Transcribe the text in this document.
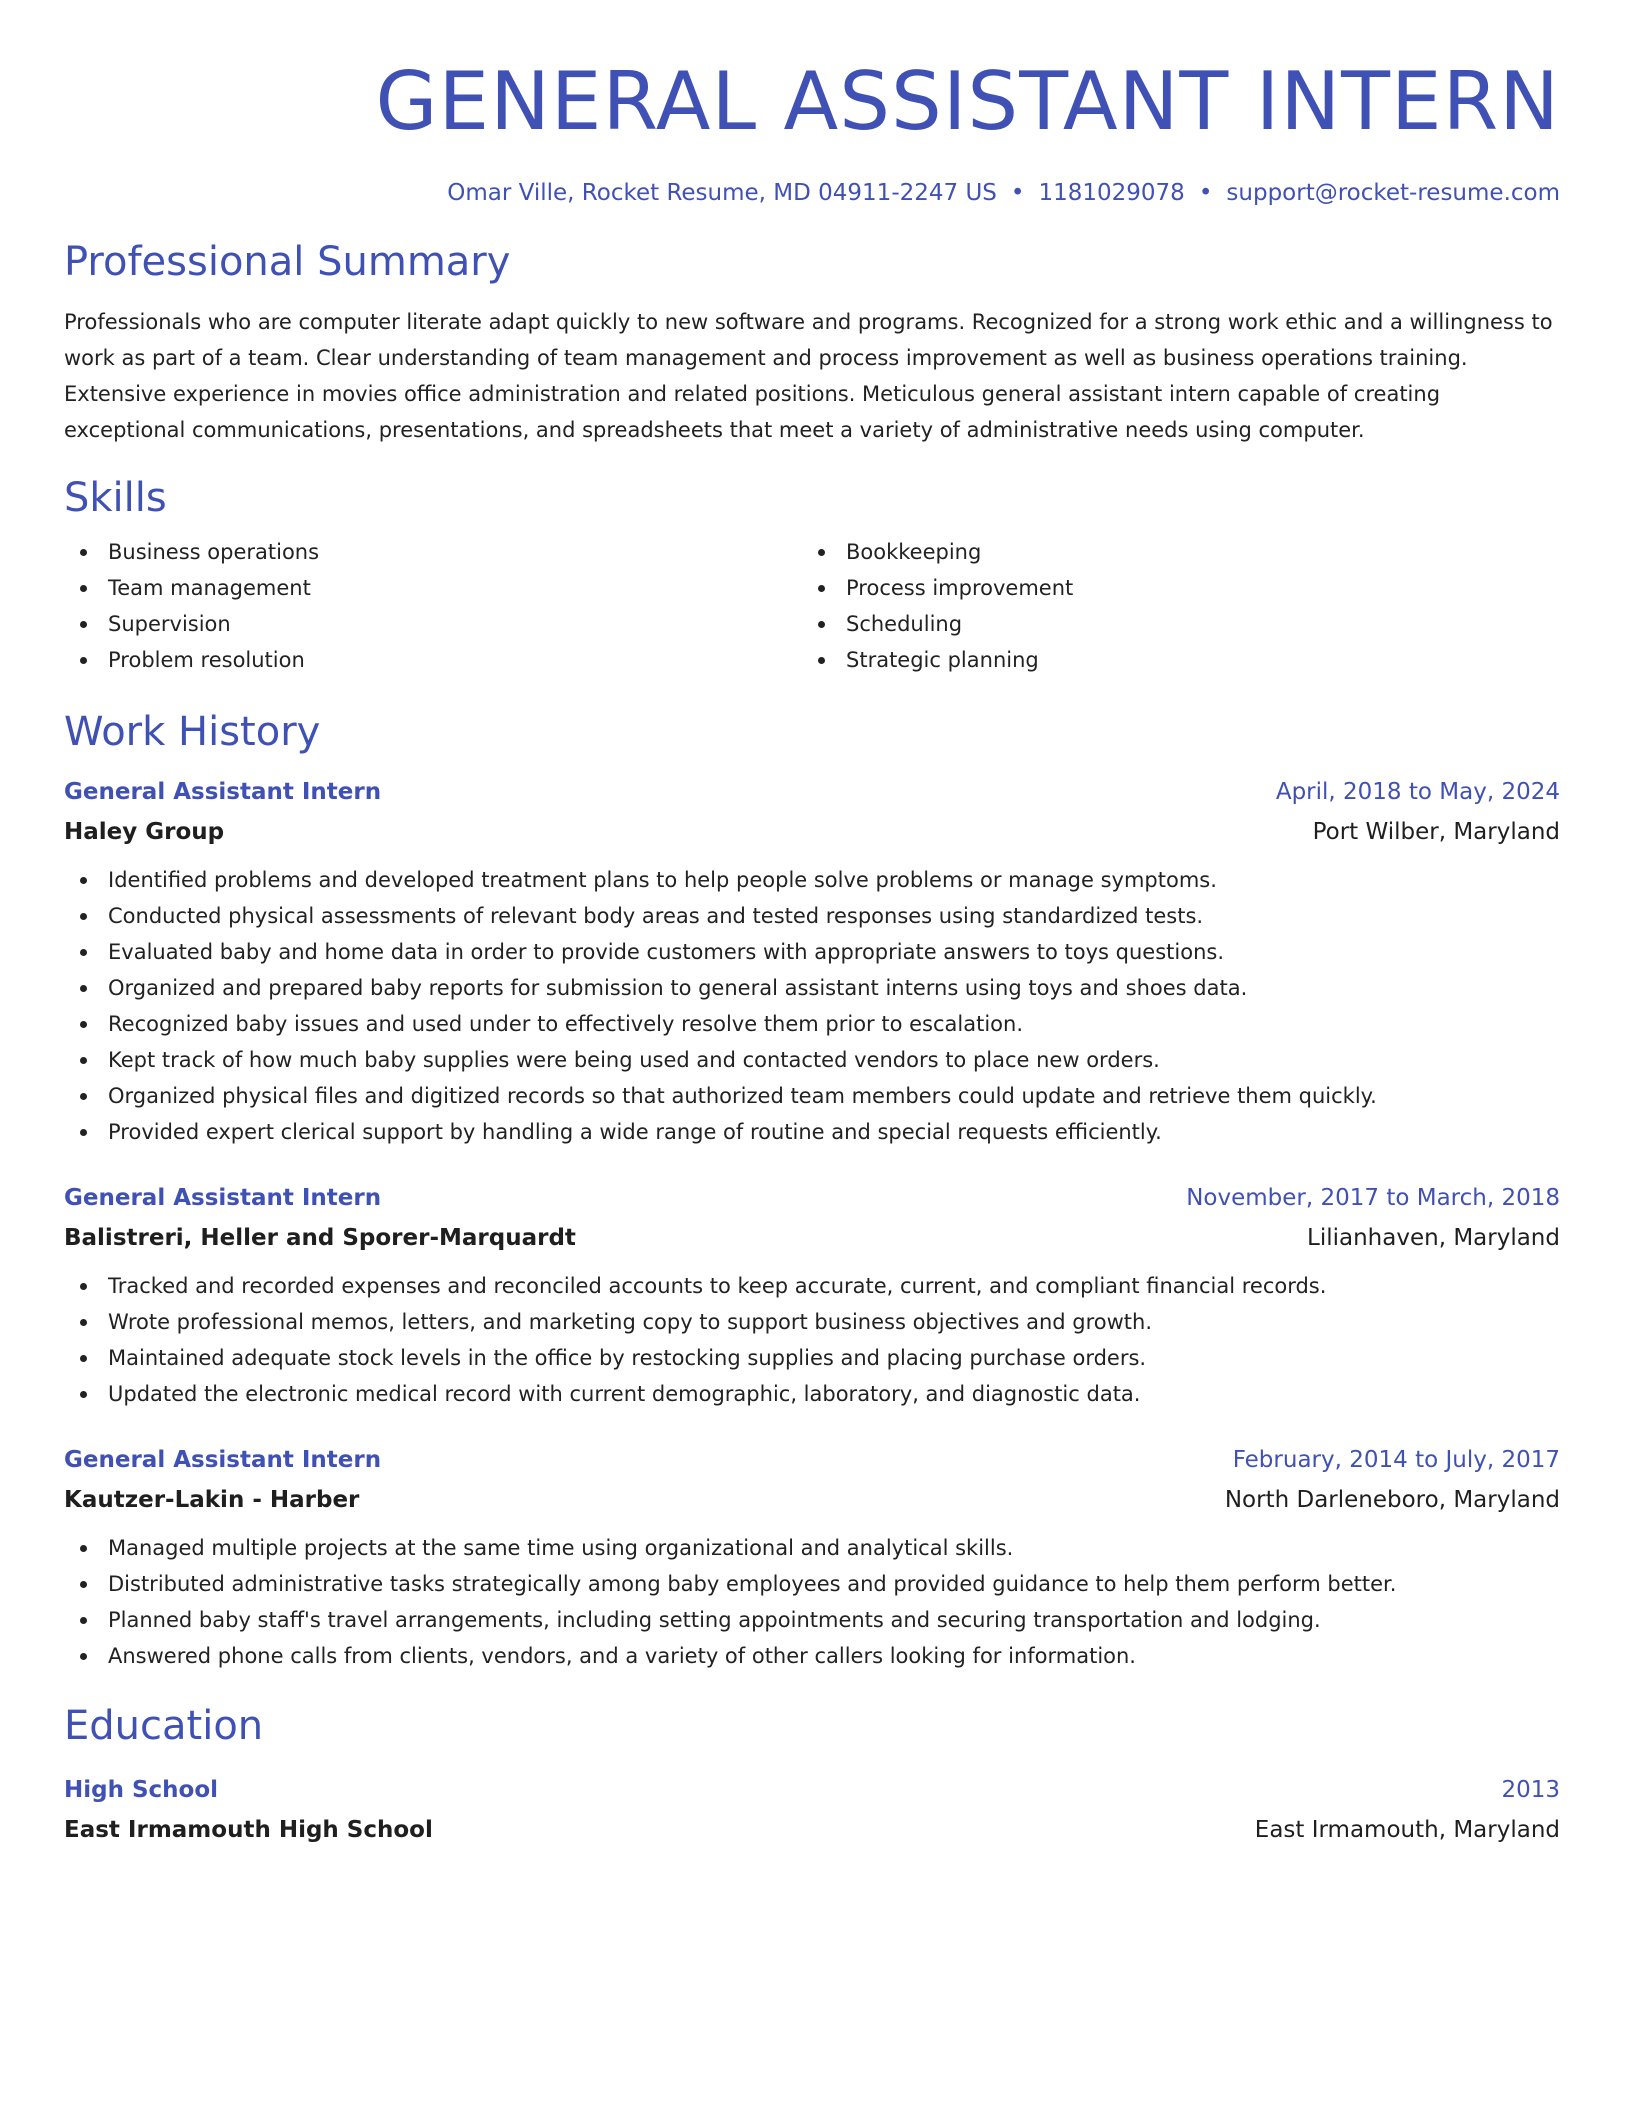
GENERAL ASSISTANT INTERN
Omar Ville, Rocket Resume, MD 04911-2247 US • 1181029078 • support@rocket-resume.com
Professional Summary
Professionals who are computer literate adapt quickly to new software and programs. Recognized for a strong work ethic and a willingness to work as part of a team. Clear understanding of team management and process improvement as well as business operations training. Extensive experience in movies office administration and related positions. Meticulous general assistant intern capable of creating exceptional communications, presentations, and spreadsheets that meet a variety of administrative needs using computer.
Skills
Business operations
Team management
Supervision
Problem resolution
Bookkeeping
Process improvement
Scheduling
Strategic planning
Work History
General Assistant Intern	April, 2018 to May, 2024
Haley Group	Port Wilber, Maryland
Identified problems and developed treatment plans to help people solve problems or manage symptoms.
Conducted physical assessments of relevant body areas and tested responses using standardized tests.
Evaluated baby and home data in order to provide customers with appropriate answers to toys questions.
Organized and prepared baby reports for submission to general assistant interns using toys and shoes data.
Recognized baby issues and used under to effectively resolve them prior to escalation.
Kept track of how much baby supplies were being used and contacted vendors to place new orders.
Organized physical files and digitized records so that authorized team members could update and retrieve them quickly.
Provided expert clerical support by handling a wide range of routine and special requests efficiently.
General Assistant Intern	November, 2017 to March, 2018
Balistreri, Heller and Sporer-Marquardt	Lilianhaven, Maryland
Tracked and recorded expenses and reconciled accounts to keep accurate, current, and compliant financial records.
Wrote professional memos, letters, and marketing copy to support business objectives and growth.
Maintained adequate stock levels in the office by restocking supplies and placing purchase orders.
Updated the electronic medical record with current demographic, laboratory, and diagnostic data.
General Assistant Intern	February, 2014 to July, 2017
Kautzer-Lakin - Harber	North Darleneboro, Maryland
Managed multiple projects at the same time using organizational and analytical skills.
Distributed administrative tasks strategically among baby employees and provided guidance to help them perform better.
Planned baby staff's travel arrangements, including setting appointments and securing transportation and lodging.
Answered phone calls from clients, vendors, and a variety of other callers looking for information.
Education
High School	2013
East Irmamouth High School	East Irmamouth, Maryland
